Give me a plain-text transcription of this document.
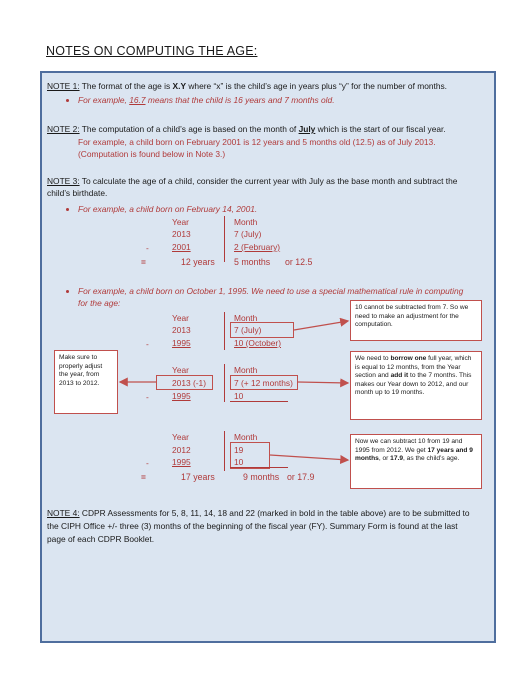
NOTES ON COMPUTING THE AGE:
NOTE 1: The format of the age is X.Y where “x” is the child’s age in years plus “y” for the number of months.
For example, 16.7 means that the child is 16 years and 7 months old.
NOTE 2: The computation of a child’s age is based on the month of July which is the start of our fiscal year.
For example, a child born on February 2001 is 12 years and 5 months old (12.5) as of July 2013.
(Computation is found below in Note 3.)
NOTE 3: To calculate the age of a child, consider the current year with July as the base month and subtract the
child’s birthdate.
For example, a child born on February 14, 2001.
Year	Month
2013	7 (July)
-	2001	2 (February)
=	12 years 5 months or 12.5
For example, a child born on October 1, 1995. We need to use a special mathematical rule in computing
for the age:
Year	Month
2013	7 (July)
-	1995	10 (October)
Year	Month
2013 (-1)	7 (+ 12 months)
-	1995	10
Year	Month
2012	19
-	1995	10
=	17 years	9 months or 17.9
10 cannot be subtracted from 7. So we need to make an adjustment for the computation.
We need to borrow one full year, which is equal to 12 months, from the Year section and add it to the 7 months. This makes our Year down to 2012, and our month up to 19 months.
Make sure to properly adjust the year, from 2013 to 2012.
Now we can subtract 10 from 19 and 1995 from 2012. We get 17 years and 9 months, or 17.9, as the child’s age.
NOTE 4: CDPR Assessments for 5, 8, 11, 14, 18 and 22 (marked in bold in the table above) are to be submitted to
the CIPH Office +/- three (3) months of the beginning of the fiscal year (FY). Summary Form is found at the last
page of each CDPR Booklet.
